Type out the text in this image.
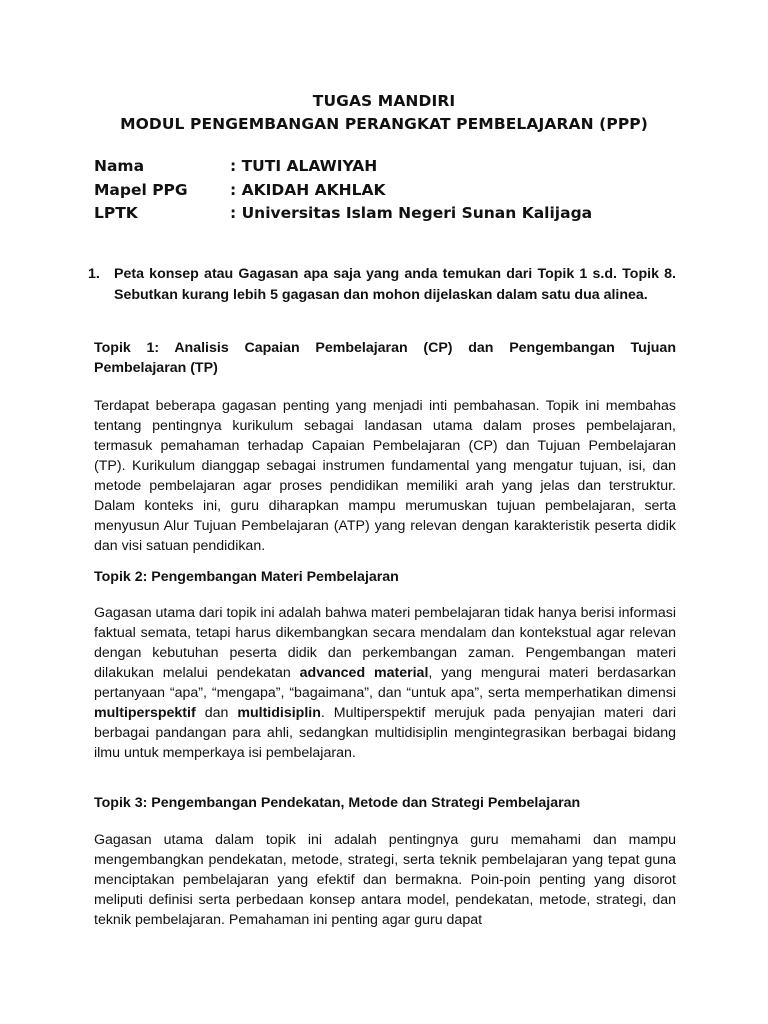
TUGAS MANDIRI
MODUL PENGEMBANGAN PERANGKAT PEMBELAJARAN (PPP)
Nama	: TUTI ALAWIYAH
Mapel PPG	: AKIDAH AKHLAK
LPTK	: Universitas Islam Negeri Sunan Kalijaga
1. Peta konsep atau Gagasan apa saja yang anda temukan dari Topik 1 s.d. Topik 8. Sebutkan kurang lebih 5 gagasan dan mohon dijelaskan dalam satu dua alinea.
Topik 1: Analisis Capaian Pembelajaran (CP) dan Pengembangan Tujuan Pembelajaran (TP)
Terdapat beberapa gagasan penting yang menjadi inti pembahasan. Topik ini membahas tentang pentingnya kurikulum sebagai landasan utama dalam proses pembelajaran, termasuk pemahaman terhadap Capaian Pembelajaran (CP) dan Tujuan Pembelajaran (TP). Kurikulum dianggap sebagai instrumen fundamental yang mengatur tujuan, isi, dan metode pembelajaran agar proses pendidikan memiliki arah yang jelas dan terstruktur. Dalam konteks ini, guru diharapkan mampu merumuskan tujuan pembelajaran, serta menyusun Alur Tujuan Pembelajaran (ATP) yang relevan dengan karakteristik peserta didik dan visi satuan pendidikan.
Topik 2: Pengembangan Materi Pembelajaran
Gagasan utama dari topik ini adalah bahwa materi pembelajaran tidak hanya berisi informasi faktual semata, tetapi harus dikembangkan secara mendalam dan kontekstual agar relevan dengan kebutuhan peserta didik dan perkembangan zaman. Pengembangan materi dilakukan melalui pendekatan advanced material, yang mengurai materi berdasarkan pertanyaan “apa”, “mengapa”, “bagaimana”, dan “untuk apa”, serta memperhatikan dimensi multiperspektif dan multidisiplin. Multiperspektif merujuk pada penyajian materi dari berbagai pandangan para ahli, sedangkan multidisiplin mengintegrasikan berbagai bidang ilmu untuk memperkaya isi pembelajaran.
Topik 3: Pengembangan Pendekatan, Metode dan Strategi Pembelajaran
Gagasan utama dalam topik ini adalah pentingnya guru memahami dan mampu mengembangkan pendekatan, metode, strategi, serta teknik pembelajaran yang tepat guna menciptakan pembelajaran yang efektif dan bermakna. Poin-poin penting yang disorot meliputi definisi serta perbedaan konsep antara model, pendekatan, metode, strategi, dan teknik pembelajaran. Pemahaman ini penting agar guru dapat
